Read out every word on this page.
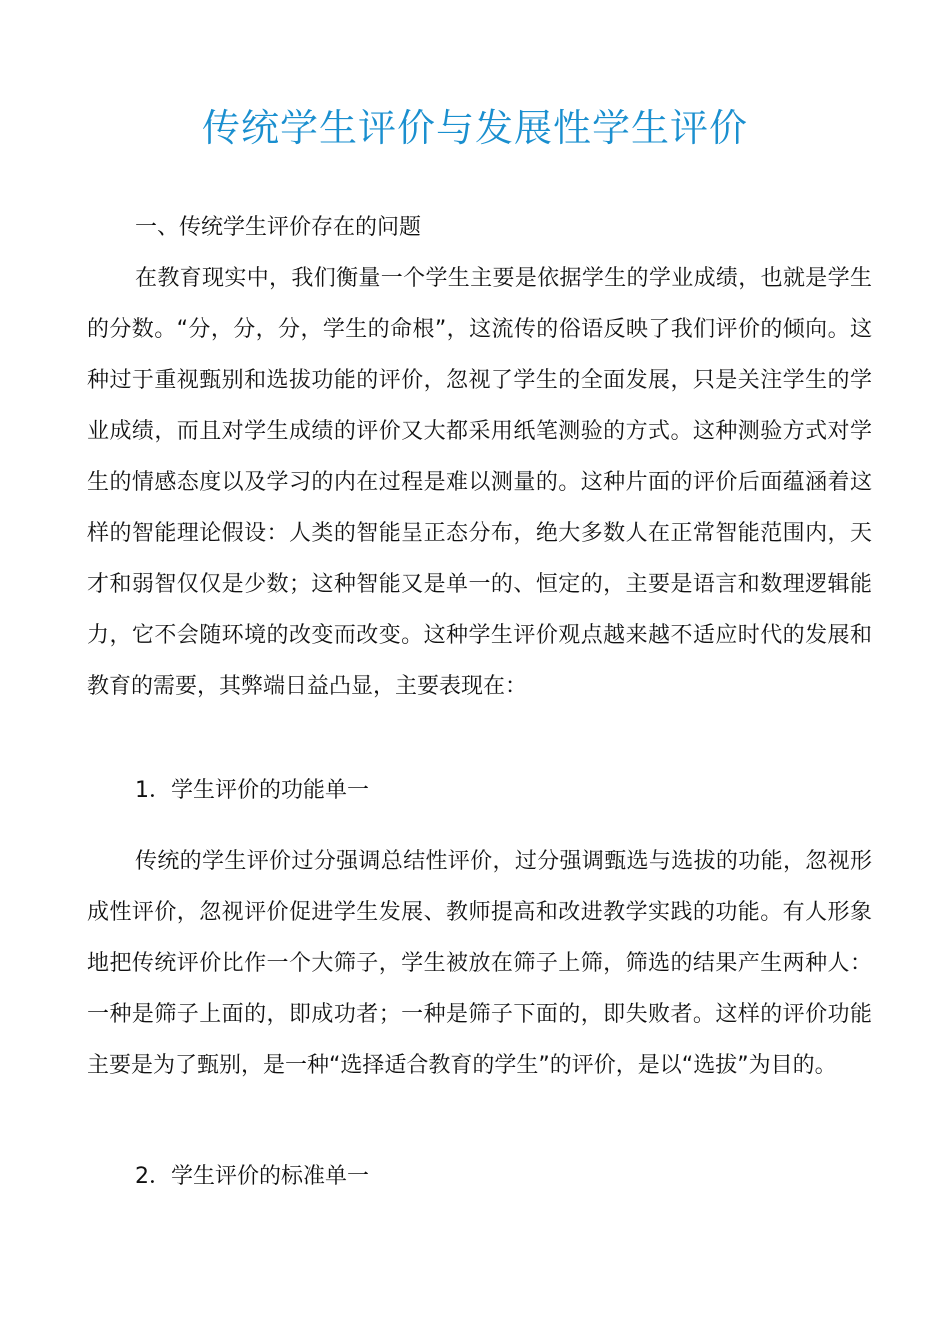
传统学生评价与发展性学生评价
一、传统学生评价存在的问题

在教育现实中，我们衡量一个学生主要是依据学生的学业成绩，也就是学生的分数。“分，分，分，学生的命根”，这流传的俗语反映了我们评价的倾向。这种过于重视甄别和选拔功能的评价，忽视了学生的全面发展，只是关注学生的学业成绩，而且对学生成绩的评价又大都采用纸笔测验的方式。这种测验方式对学生的情感态度以及学习的内在过程是难以测量的。这种片面的评价后面蕴涵着这样的智能理论假设：人类的智能呈正态分布，绝大多数人在正常智能范围内，天才和弱智仅仅是少数；这种智能又是单一的、恒定的，主要是语言和数理逻辑能力，它不会随环境的改变而改变。这种学生评价观点越来越不适应时代的发展和教育的需要，其弊端日益凸显，主要表现在：

1．学生评价的功能单一

传统的学生评价过分强调总结性评价，过分强调甄选与选拔的功能，忽视形成性评价，忽视评价促进学生发展、教师提高和改进教学实践的功能。有人形象地把传统评价比作一个大筛子，学生被放在筛子上筛，筛选的结果产生两种人：一种是筛子上面的，即成功者；一种是筛子下面的，即失败者。这样的评价功能主要是为了甄别，是一种“选择适合教育的学生”的评价，是以“选拔”为目的。

2．学生评价的标准单一
